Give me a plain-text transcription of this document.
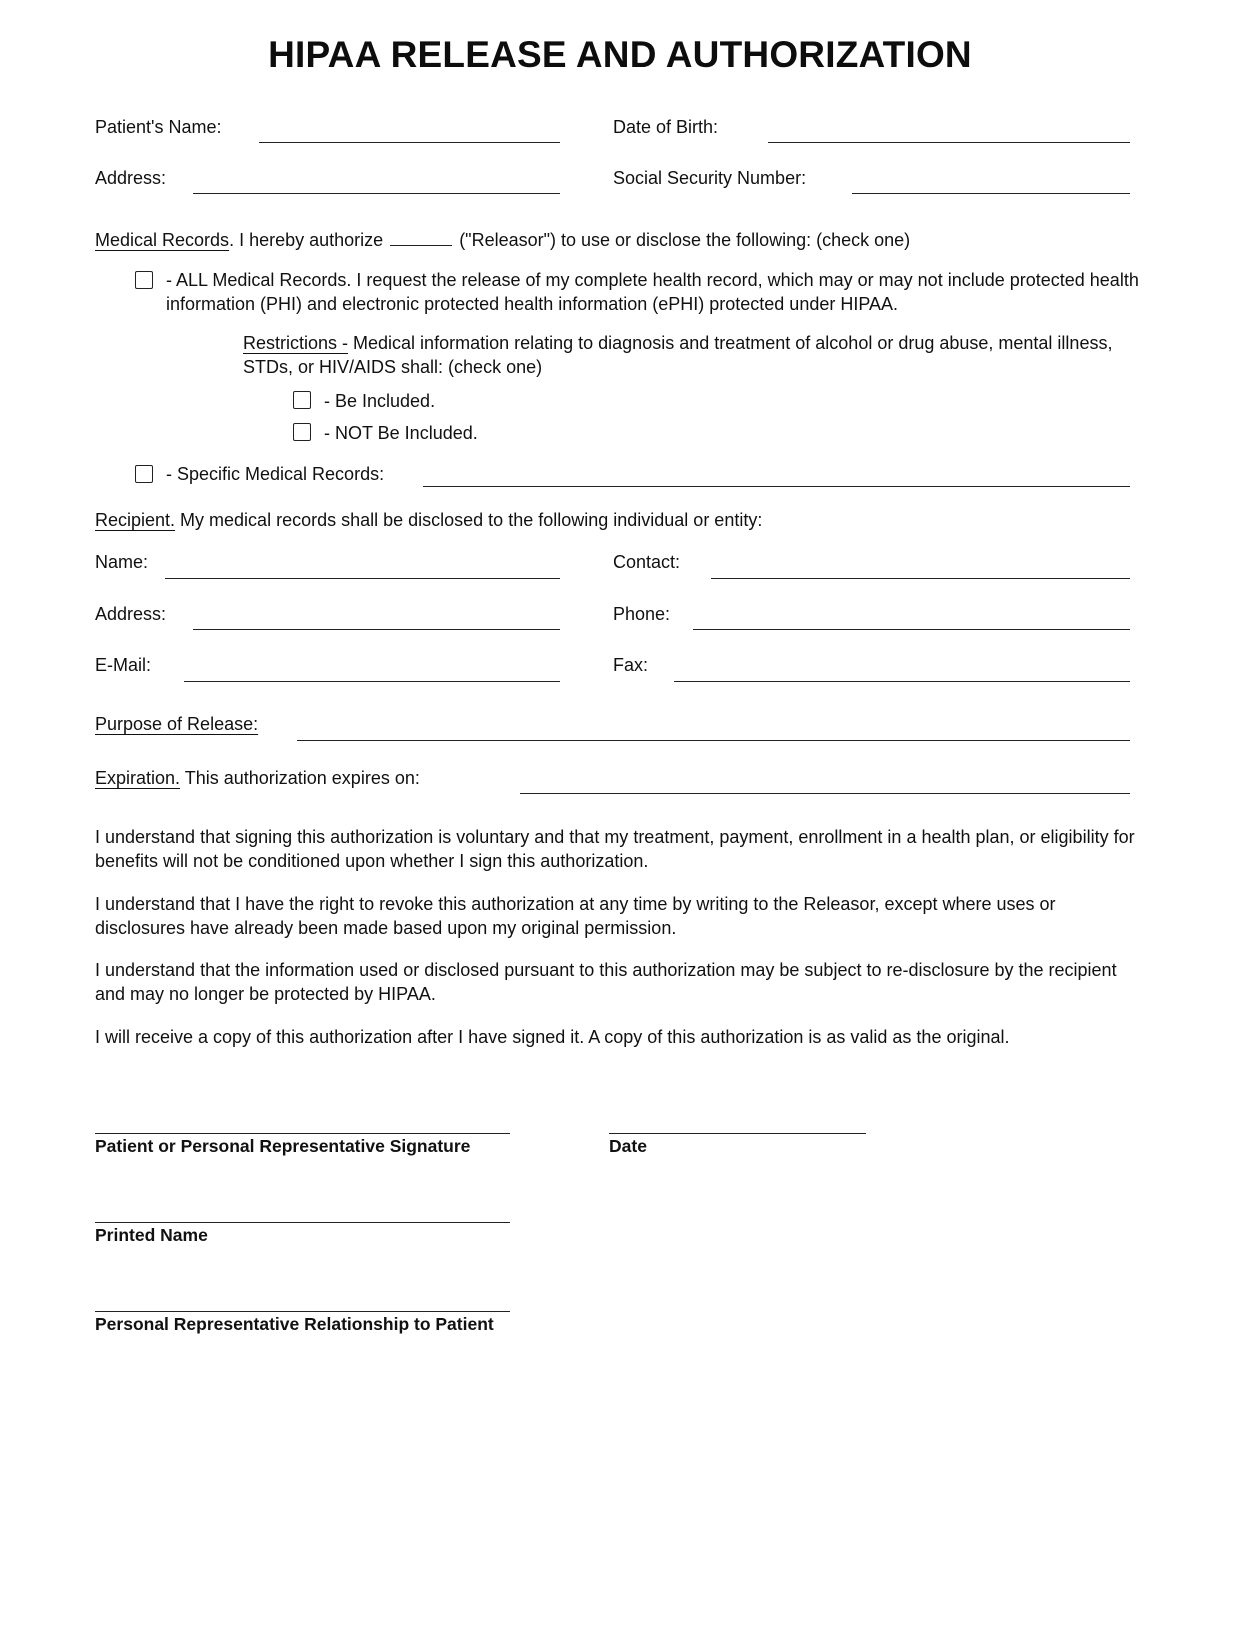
HIPAA RELEASE AND AUTHORIZATION
Patient's Name:	Date of Birth:
Address:	Social Security Number:
Medical Records. I hereby authorize	("Releasor") to use or disclose the following: (check one)
- ALL Medical Records. I request the release of my complete health record, which may or may not include protected health information (PHI) and electronic protected health information (ePHI) protected under HIPAA.
Restrictions - Medical information relating to diagnosis and treatment of alcohol or drug abuse, mental illness, STDs, or HIV/AIDS shall: (check one)
- Be Included.
- NOT Be Included.
- Specific Medical Records:
Recipient. My medical records shall be disclosed to the following individual or entity:
Name:	Contact:
Address:	Phone:
E-Mail:	Fax:
Purpose of Release:
Expiration. This authorization expires on:
I understand that signing this authorization is voluntary and that my treatment, payment, enrollment in a health plan, or eligibility for benefits will not be conditioned upon whether I sign this authorization.
I understand that I have the right to revoke this authorization at any time by writing to the Releasor, except where uses or disclosures have already been made based upon my original permission.
I understand that the information used or disclosed pursuant to this authorization may be subject to re-disclosure by the recipient and may no longer be protected by HIPAA.
I will receive a copy of this authorization after I have signed it. A copy of this authorization is as valid as the original.
Patient or Personal Representative Signature	Date
Printed Name
Personal Representative Relationship to Patient
